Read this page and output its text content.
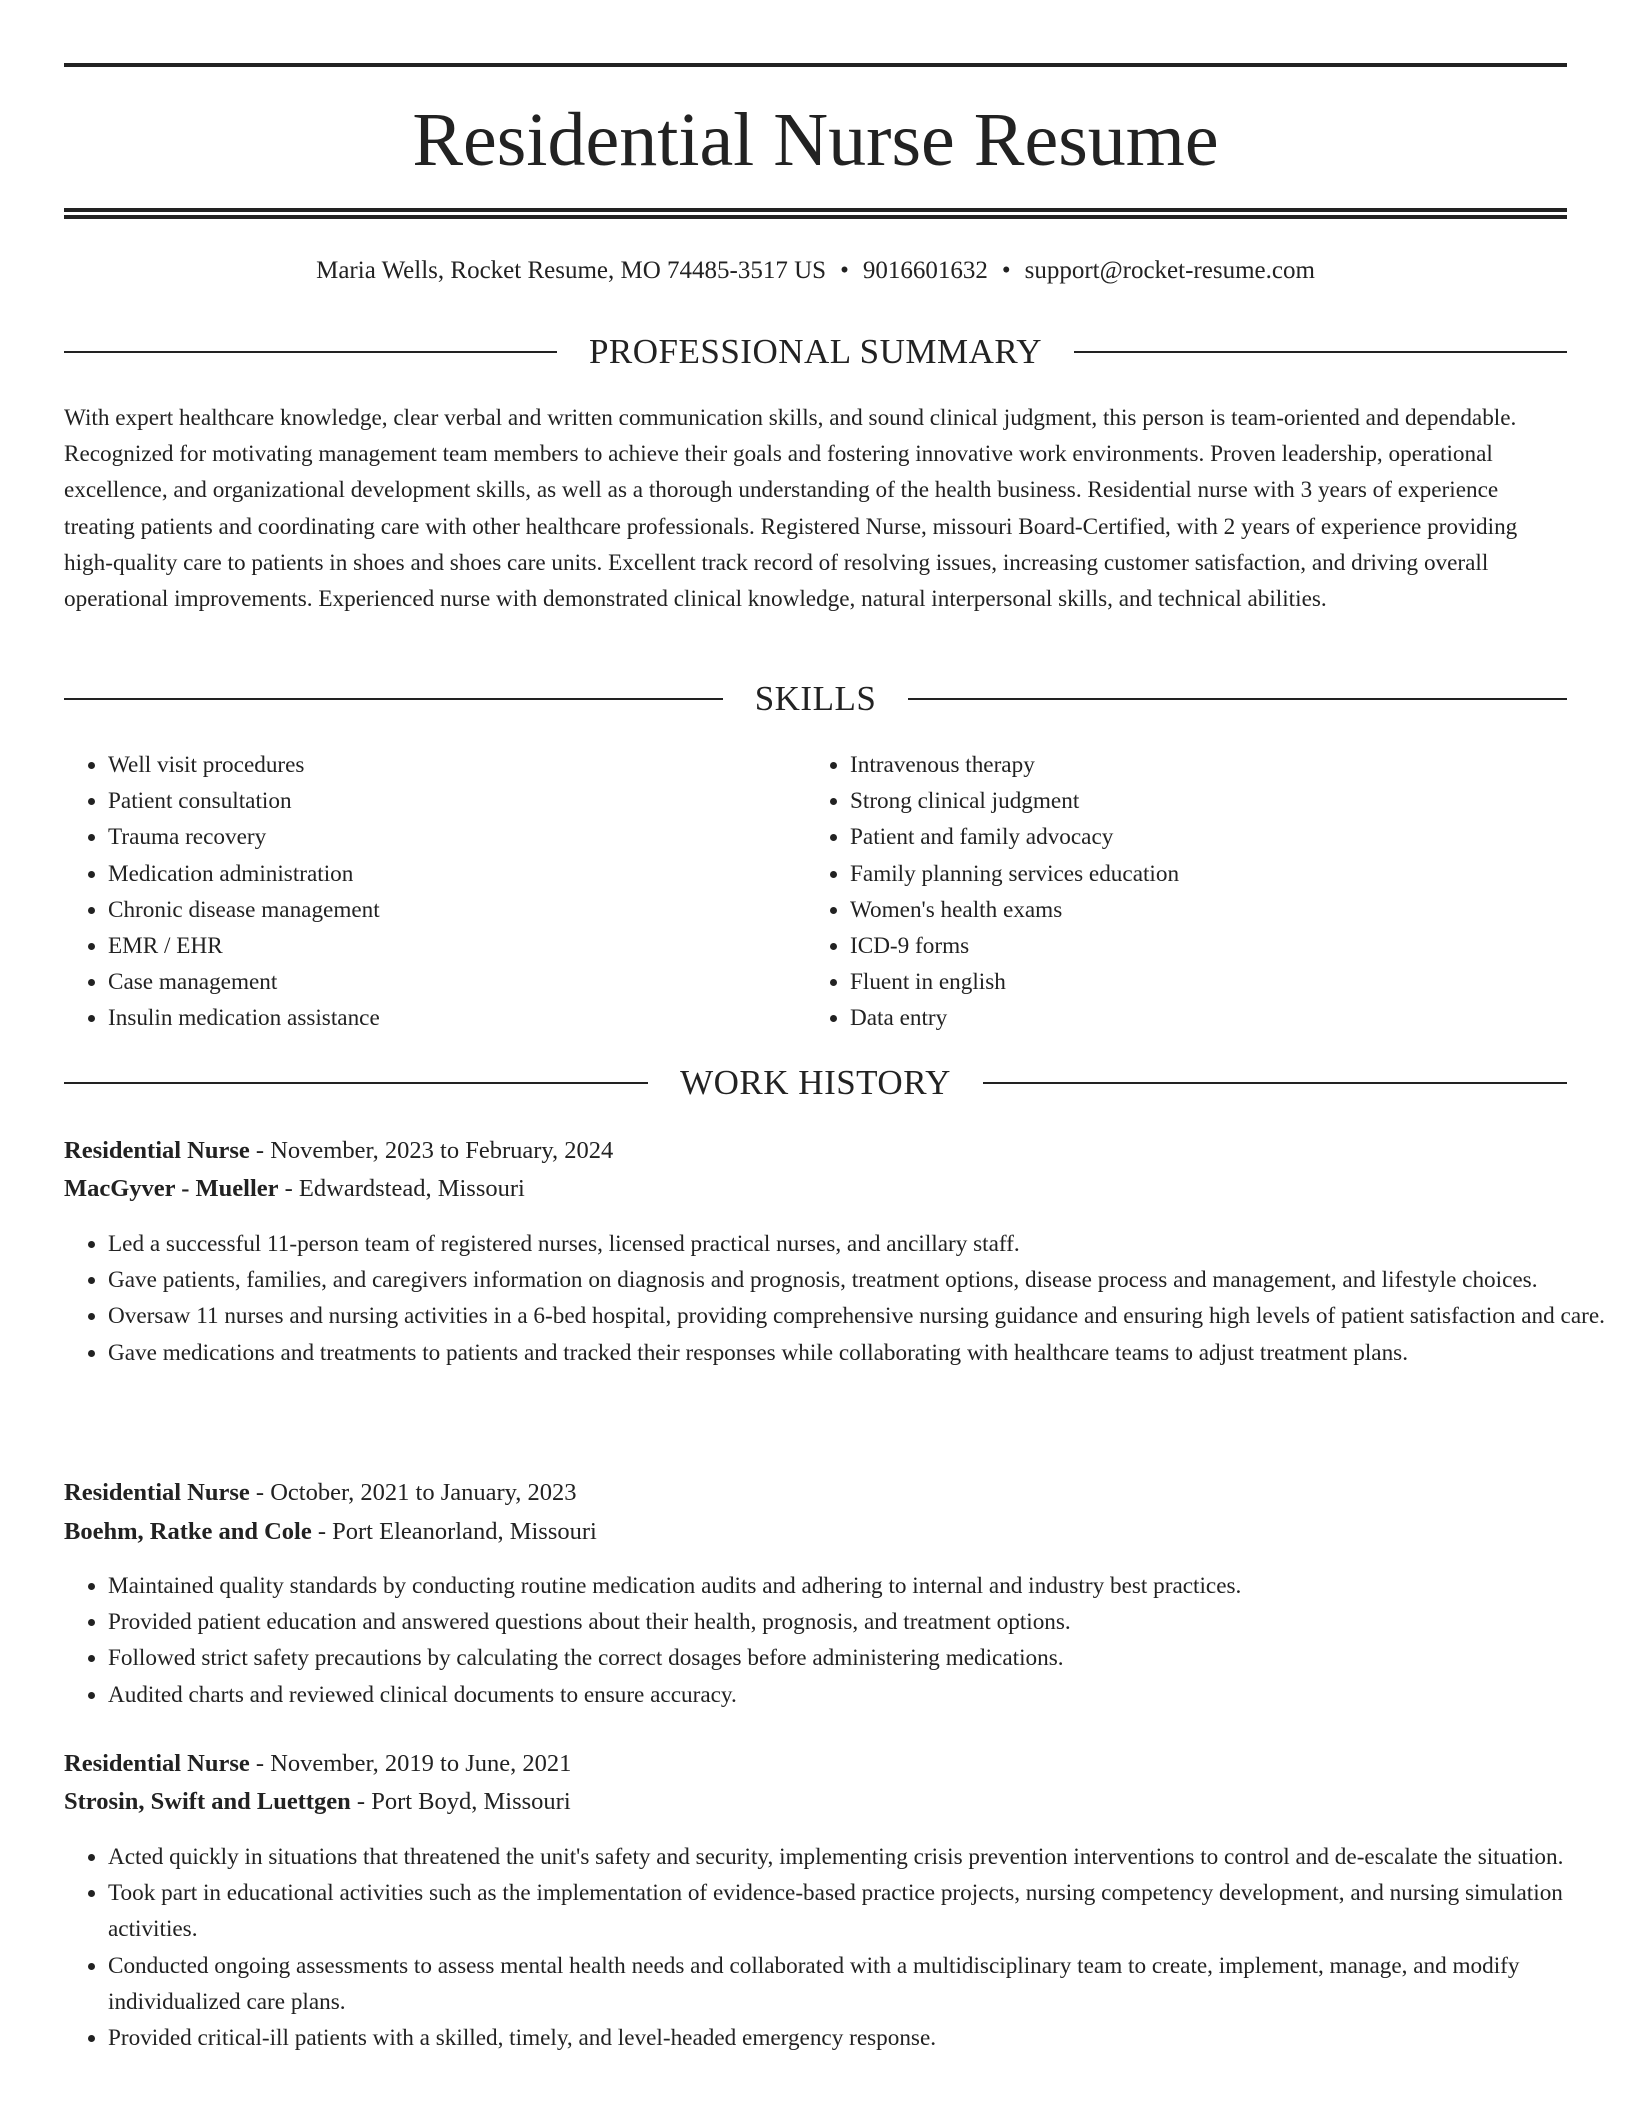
Residential Nurse Resume
Maria Wells, Rocket Resume, MO 74485-3517 US • 9016601632 • support@rocket-resume.com
PROFESSIONAL SUMMARY

With expert healthcare knowledge, clear verbal and written communication skills, and sound clinical judgment, this person is team-oriented and dependable. Recognized for motivating management team members to achieve their goals and fostering innovative work environments. Proven leadership, operational excellence, and organizational development skills, as well as a thorough understanding of the health business. Residential nurse with 3 years of experience treating patients and coordinating care with other healthcare professionals. Registered Nurse, missouri Board-Certified, with 2 years of experience providing high-quality care to patients in shoes and shoes care units. Excellent track record of resolving issues, increasing customer satisfaction, and driving overall operational improvements. Experienced nurse with demonstrated clinical knowledge, natural interpersonal skills, and technical abilities.

SKILLS
• Well visit procedures
• Patient consultation
• Trauma recovery
• Medication administration
• Chronic disease management
• EMR / EHR
• Case management
• Insulin medication assistance
• Intravenous therapy
• Strong clinical judgment
• Patient and family advocacy
• Family planning services education
• Women's health exams
• ICD-9 forms
• Fluent in english
• Data entry
WORK HISTORY
Residential Nurse - November, 2023 to February, 2024
MacGyver - Mueller - Edwardstead, Missouri
• Led a successful 11-person team of registered nurses, licensed practical nurses, and ancillary staff.
• Gave patients, families, and caregivers information on diagnosis and prognosis, treatment options, disease process and management, and lifestyle choices.
• Oversaw 11 nurses and nursing activities in a 6-bed hospital, providing comprehensive nursing guidance and ensuring high levels of patient satisfaction and care.
• Gave medications and treatments to patients and tracked their responses while collaborating with healthcare teams to adjust treatment plans.
Residential Nurse - October, 2021 to January, 2023
Boehm, Ratke and Cole - Port Eleanorland, Missouri
• Maintained quality standards by conducting routine medication audits and adhering to internal and industry best practices.
• Provided patient education and answered questions about their health, prognosis, and treatment options.
• Followed strict safety precautions by calculating the correct dosages before administering medications.
• Audited charts and reviewed clinical documents to ensure accuracy.
Residential Nurse - November, 2019 to June, 2021
Strosin, Swift and Luettgen - Port Boyd, Missouri
• Acted quickly in situations that threatened the unit's safety and security, implementing crisis prevention interventions to control and de-escalate the situation.
• Took part in educational activities such as the implementation of evidence-based practice projects, nursing competency development, and nursing simulation activities.
• Conducted ongoing assessments to assess mental health needs and collaborated with a multidisciplinary team to create, implement, manage, and modify individualized care plans.
• Provided critical-ill patients with a skilled, timely, and level-headed emergency response.
